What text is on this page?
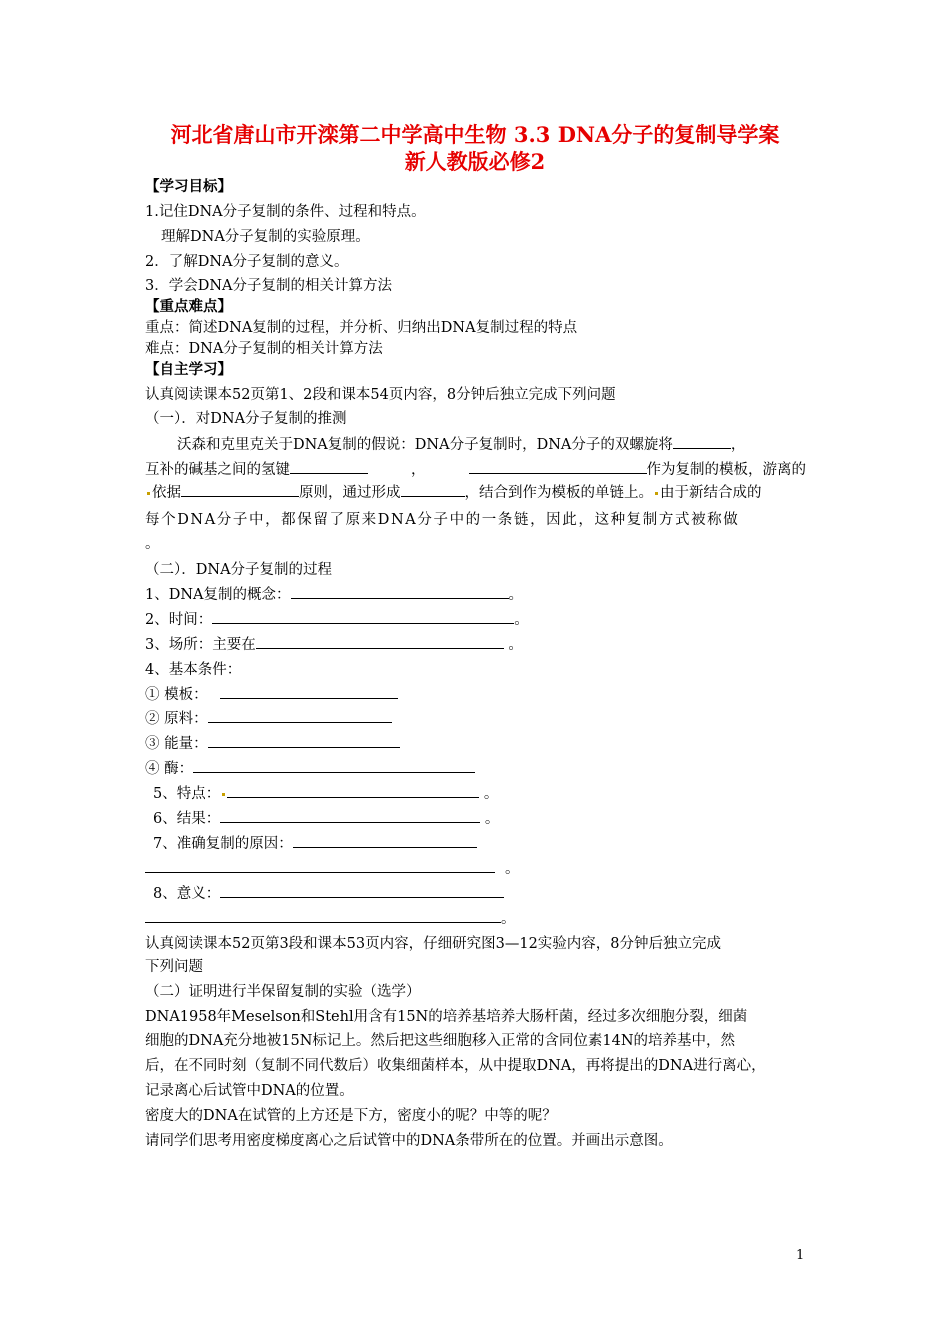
河北省唐山市开滦第二中学高中生物 3.3 DNA分子的复制导学案
新人教版必修2
【学习目标】
1.记住DNA分子复制的条件、过程和特点。
理解DNA分子复制的实验原理。
2．了解DNA分子复制的意义。
3．学会DNA分子复制的相关计算方法
【重点难点】
重点：简述DNA复制的过程，并分析、归纳出DNA复制过程的特点
难点：DNA分子复制的相关计算方法
【自主学习】
认真阅读课本52页第1、2段和课本54页内容，8分钟后独立完成下列问题
（一）．对DNA分子复制的推测
沃森和克里克关于DNA复制的假说：DNA分子复制时，DNA分子的双螺旋将	，
互补的碱基之间的氢键	，	作为复制的模板，游离的
依据	原则，通过形成	，结合到作为模板的单链上。 由于新结合成的
每个DNA分子中，都保留了原来DNA分子中的一条链，因此，这种复制方式被称做
。
（二）．DNA分子复制的过程
1、DNA复制的概念：	。
2、时间：	。
3、场所：主要在	。
4、基本条件：
① 模板：
② 原料：
③ 能量：
④ 酶：
5、特点：	。
6、结果：	。
7、准确复制的原因：
。
8、意义：
。
认真阅读课本52页第3段和课本53页内容，仔细研究图3—12实验内容，8分钟后独立完成
下列问题
（二）证明进行半保留复制的实验（选学）
DNA1958年Meselson和Stehl用含有15N的培养基培养大肠杆菌，经过多次细胞分裂，细菌
细胞的DNA充分地被15N标记上。然后把这些细胞移入正常的含同位素14N的培养基中，然
后，在不同时刻（复制不同代数后）收集细菌样本，从中提取DNA，再将提出的DNA进行离心，
记录离心后试管中DNA的位置。
密度大的DNA在试管的上方还是下方，密度小的呢？中等的呢？
请同学们思考用密度梯度离心之后试管中的DNA条带所在的位置。并画出示意图。
1
